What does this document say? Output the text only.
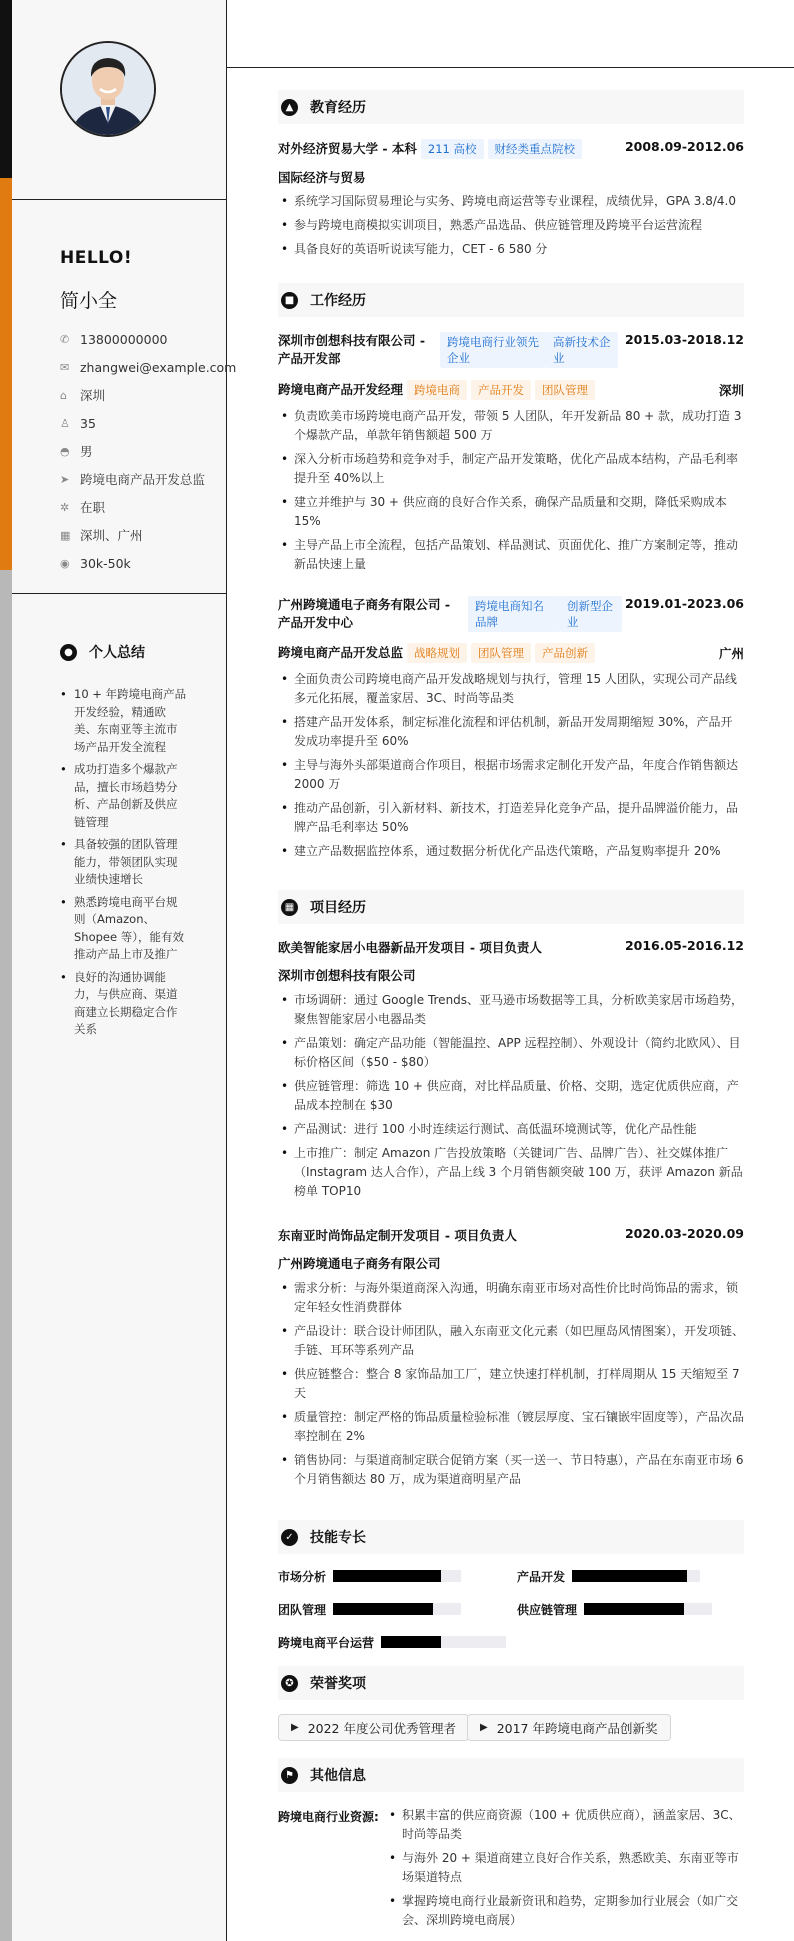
HELLO!
简小全
✆ 13800000000
✉ zhangwei@example.com
⌂	深圳
♙ 35
◓ 男
➤ 跨境电商产品开发总监
✲ 在职
▦ 深圳、广州
◉ 30k-50k
● 个人总结
• 10 + 年跨境电商产品开发经验，精通欧美、东南亚等主流市场产品开发全流程
• 成功打造多个爆款产品，擅长市场趋势分析、产品创新及供应链管理
• 具备较强的团队管理能力，带领团队实现业绩快速增长
• 熟悉跨境电商平台规则（Amazon、Shopee 等），能有效推动产品上市及推广
• 良好的沟通协调能力，与供应商、渠道商建立长期稳定合作关系
▲	教育经历
对外经济贸易大学 - 本科 211 高校 财经类重点院校	2008.09-2012.06
国际经济与贸易
• 系统学习国际贸易理论与实务、跨境电商运营等专业课程，成绩优异，GPA 3.8/4.0
• 参与跨境电商模拟实训项目，熟悉产品选品、供应链管理及跨境平台运营流程
• 具备良好的英语听说读写能力，CET - 6 580 分
■ 工作经历
深圳市创想科技有限公司 - 产品开发部
跨境电商行业领先企业
高新技术企业
2015.03-2018.12
跨境电商产品开发经理 跨境电商 产品开发 团队管理	深圳
• 负责欧美市场跨境电商产品开发，带领 5 人团队，年开发新品 80 + 款，成功打造 3 个爆款产品，单款年销售额超 500 万
• 深入分析市场趋势和竞争对手，制定产品开发策略，优化产品成本结构，产品毛利率提升至 40%以上
• 建立并维护与 30 + 供应商的良好合作关系，确保产品质量和交期，降低采购成本 15%
• 主导产品上市全流程，包括产品策划、样品测试、页面优化、推广方案制定等，推动新品快速上量
广州跨境通电子商务有限公司 - 产品开发中心
跨境电商知名品牌
创新型企业
2019.01-2023.06
跨境电商产品开发总监 战略规划 团队管理 产品创新	广州
• 全面负责公司跨境电商产品开发战略规划与执行，管理 15 人团队，实现公司产品线多元化拓展，覆盖家居、3C、时尚等品类
• 搭建产品开发体系，制定标准化流程和评估机制，新品开发周期缩短 30%，产品开发成功率提升至 60%
• 主导与海外头部渠道商合作项目，根据市场需求定制化开发产品，年度合作销售额达 2000 万
• 推动产品创新，引入新材料、新技术，打造差异化竞争产品，提升品牌溢价能力，品牌产品毛利率达 50%
• 建立产品数据监控体系，通过数据分析优化产品迭代策略，产品复购率提升 20%
▦ 项目经历
欧美智能家居小电器新品开发项目 - 项目负责人	2016.05-2016.12
深圳市创想科技有限公司
• 市场调研：通过 Google Trends、亚马逊市场数据等工具，分析欧美家居市场趋势，聚焦智能家居小电器品类
• 产品策划：确定产品功能（智能温控、APP 远程控制）、外观设计（简约北欧风）、目标价格区间（$50 - $80）
• 供应链管理：筛选 10 + 供应商，对比样品质量、价格、交期，选定优质供应商，产品成本控制在 $30
• 产品测试：进行 100 小时连续运行测试、高低温环境测试等，优化产品性能
• 上市推广：制定 Amazon 广告投放策略（关键词广告、品牌广告）、社交媒体推广（Instagram 达人合作），产品上线 3 个月销售额突破 100 万，获评 Amazon 新品榜单 TOP10
东南亚时尚饰品定制开发项目 - 项目负责人	2020.03-2020.09
广州跨境通电子商务有限公司
• 需求分析：与海外渠道商深入沟通，明确东南亚市场对高性价比时尚饰品的需求，锁定年轻女性消费群体
• 产品设计：联合设计师团队，融入东南亚文化元素（如巴厘岛风情图案），开发项链、手链、耳环等系列产品
• 供应链整合：整合 8 家饰品加工厂，建立快速打样机制，打样周期从 15 天缩短至 7 天
• 质量管控：制定严格的饰品质量检验标准（镀层厚度、宝石镶嵌牢固度等），产品次品率控制在 2%
• 销售协同：与渠道商制定联合促销方案（买一送一、节日特惠），产品在东南亚市场 6 个月销售额达 80 万，成为渠道商明星产品
✓	技能专长
市场分析	产品开发
团队管理	供应链管理
跨境电商平台运营
✪	荣誉奖项
▶ 2022 年度公司优秀管理者 ▶ 2017 年跨境电商产品创新奖
⚑ 其他信息
跨境电商行业资源:
•	积累丰富的供应商资源（100 + 优质供应商），涵盖家居、3C、时尚等品类
• 与海外 20 + 渠道商建立良好合作关系，熟悉欧美、东南亚等市场渠道特点
• 掌握跨境电商行业最新资讯和趋势，定期参加行业展会（如广交会、深圳跨境电商展）
